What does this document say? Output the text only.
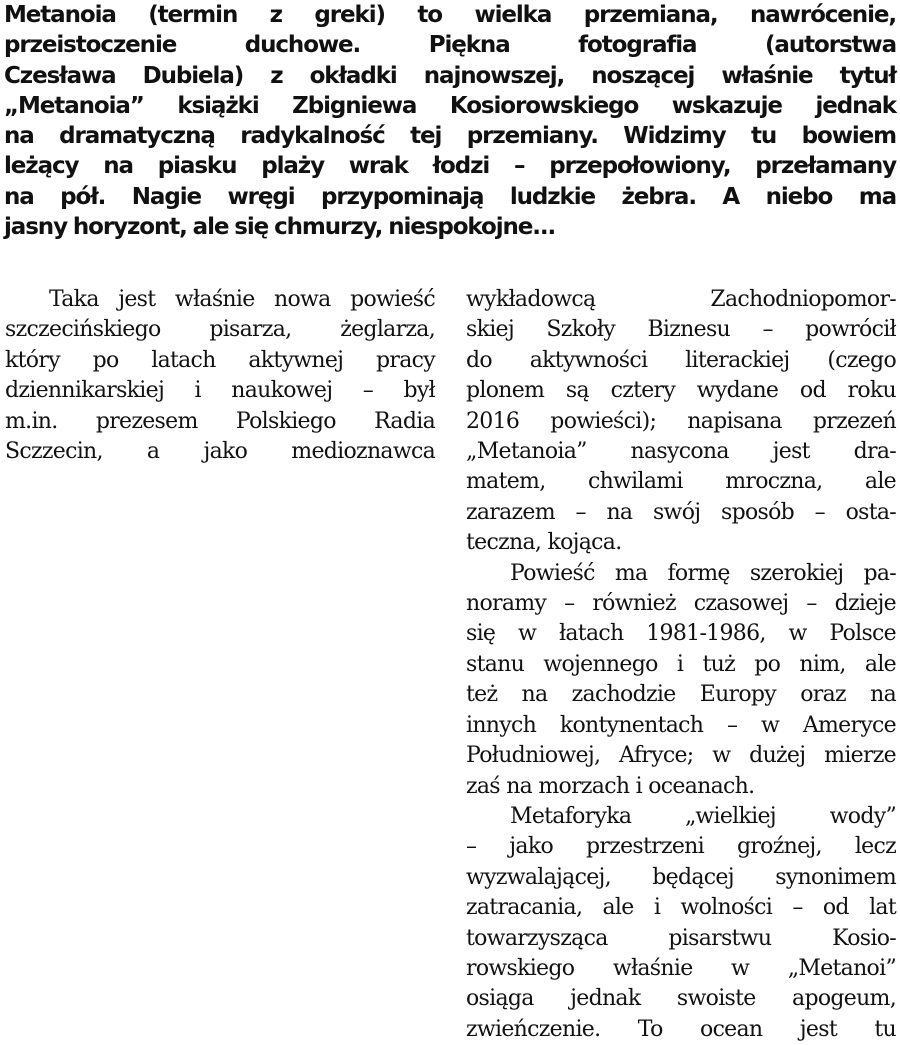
Metanoia (termin z greki) to wielka przemiana, nawrócenie,
przeistoczenie duchowe. Piękna fotografia (autorstwa
Czesława Dubiela) z okładki najnowszej, noszącej właśnie tytuł
„Metanoia” książki Zbigniewa Kosiorowskiego wskazuje jednak
na dramatyczną radykalność tej przemiany. Widzimy tu bowiem
leżący na piasku plaży wrak łodzi – przepołowiony, przełamany
na pół. Nagie wręgi przypominają ludzkie żebra. A niebo ma
jasny horyzont, ale się chmurzy, niespokojne...
Taka jest właśnie nowa powieść
szczecińskiego pisarza, żeglarza,
który po latach aktywnej pracy
dziennikarskiej i naukowej – był
m.in. prezesem Polskiego Radia
Sczzecin, a jako medioznawca
wykładowcą Zachodniopomor-
skiej Szkoły Biznesu – powrócił
do aktywności literackiej (czego
plonem są cztery wydane od roku
2016 powieści); napisana przezeń
„Metanoia” nasycona jest dra-
matem, chwilami mroczna, ale
zarazem – na swój sposób – osta-
teczna, kojąca.
Powieść ma formę szerokiej pa-
noramy – również czasowej – dzieje
się w łatach 1981-1986, w Polsce
stanu wojennego i tuż po nim, ale
też na zachodzie Europy oraz na
innych kontynentach – w Ameryce
Południowej, Afryce; w dużej mierze
zaś na morzach i oceanach.
Metaforyka „wielkiej wody”
– jako przestrzeni groźnej, lecz
wyzwalającej, będącej synonimem
zatracania, ale i wolności – od lat
towarzysząca pisarstwu Kosio-
rowskiego właśnie w „Metanoi”
osiąga jednak swoiste apogeum,
zwieńczenie. To ocean jest tu
